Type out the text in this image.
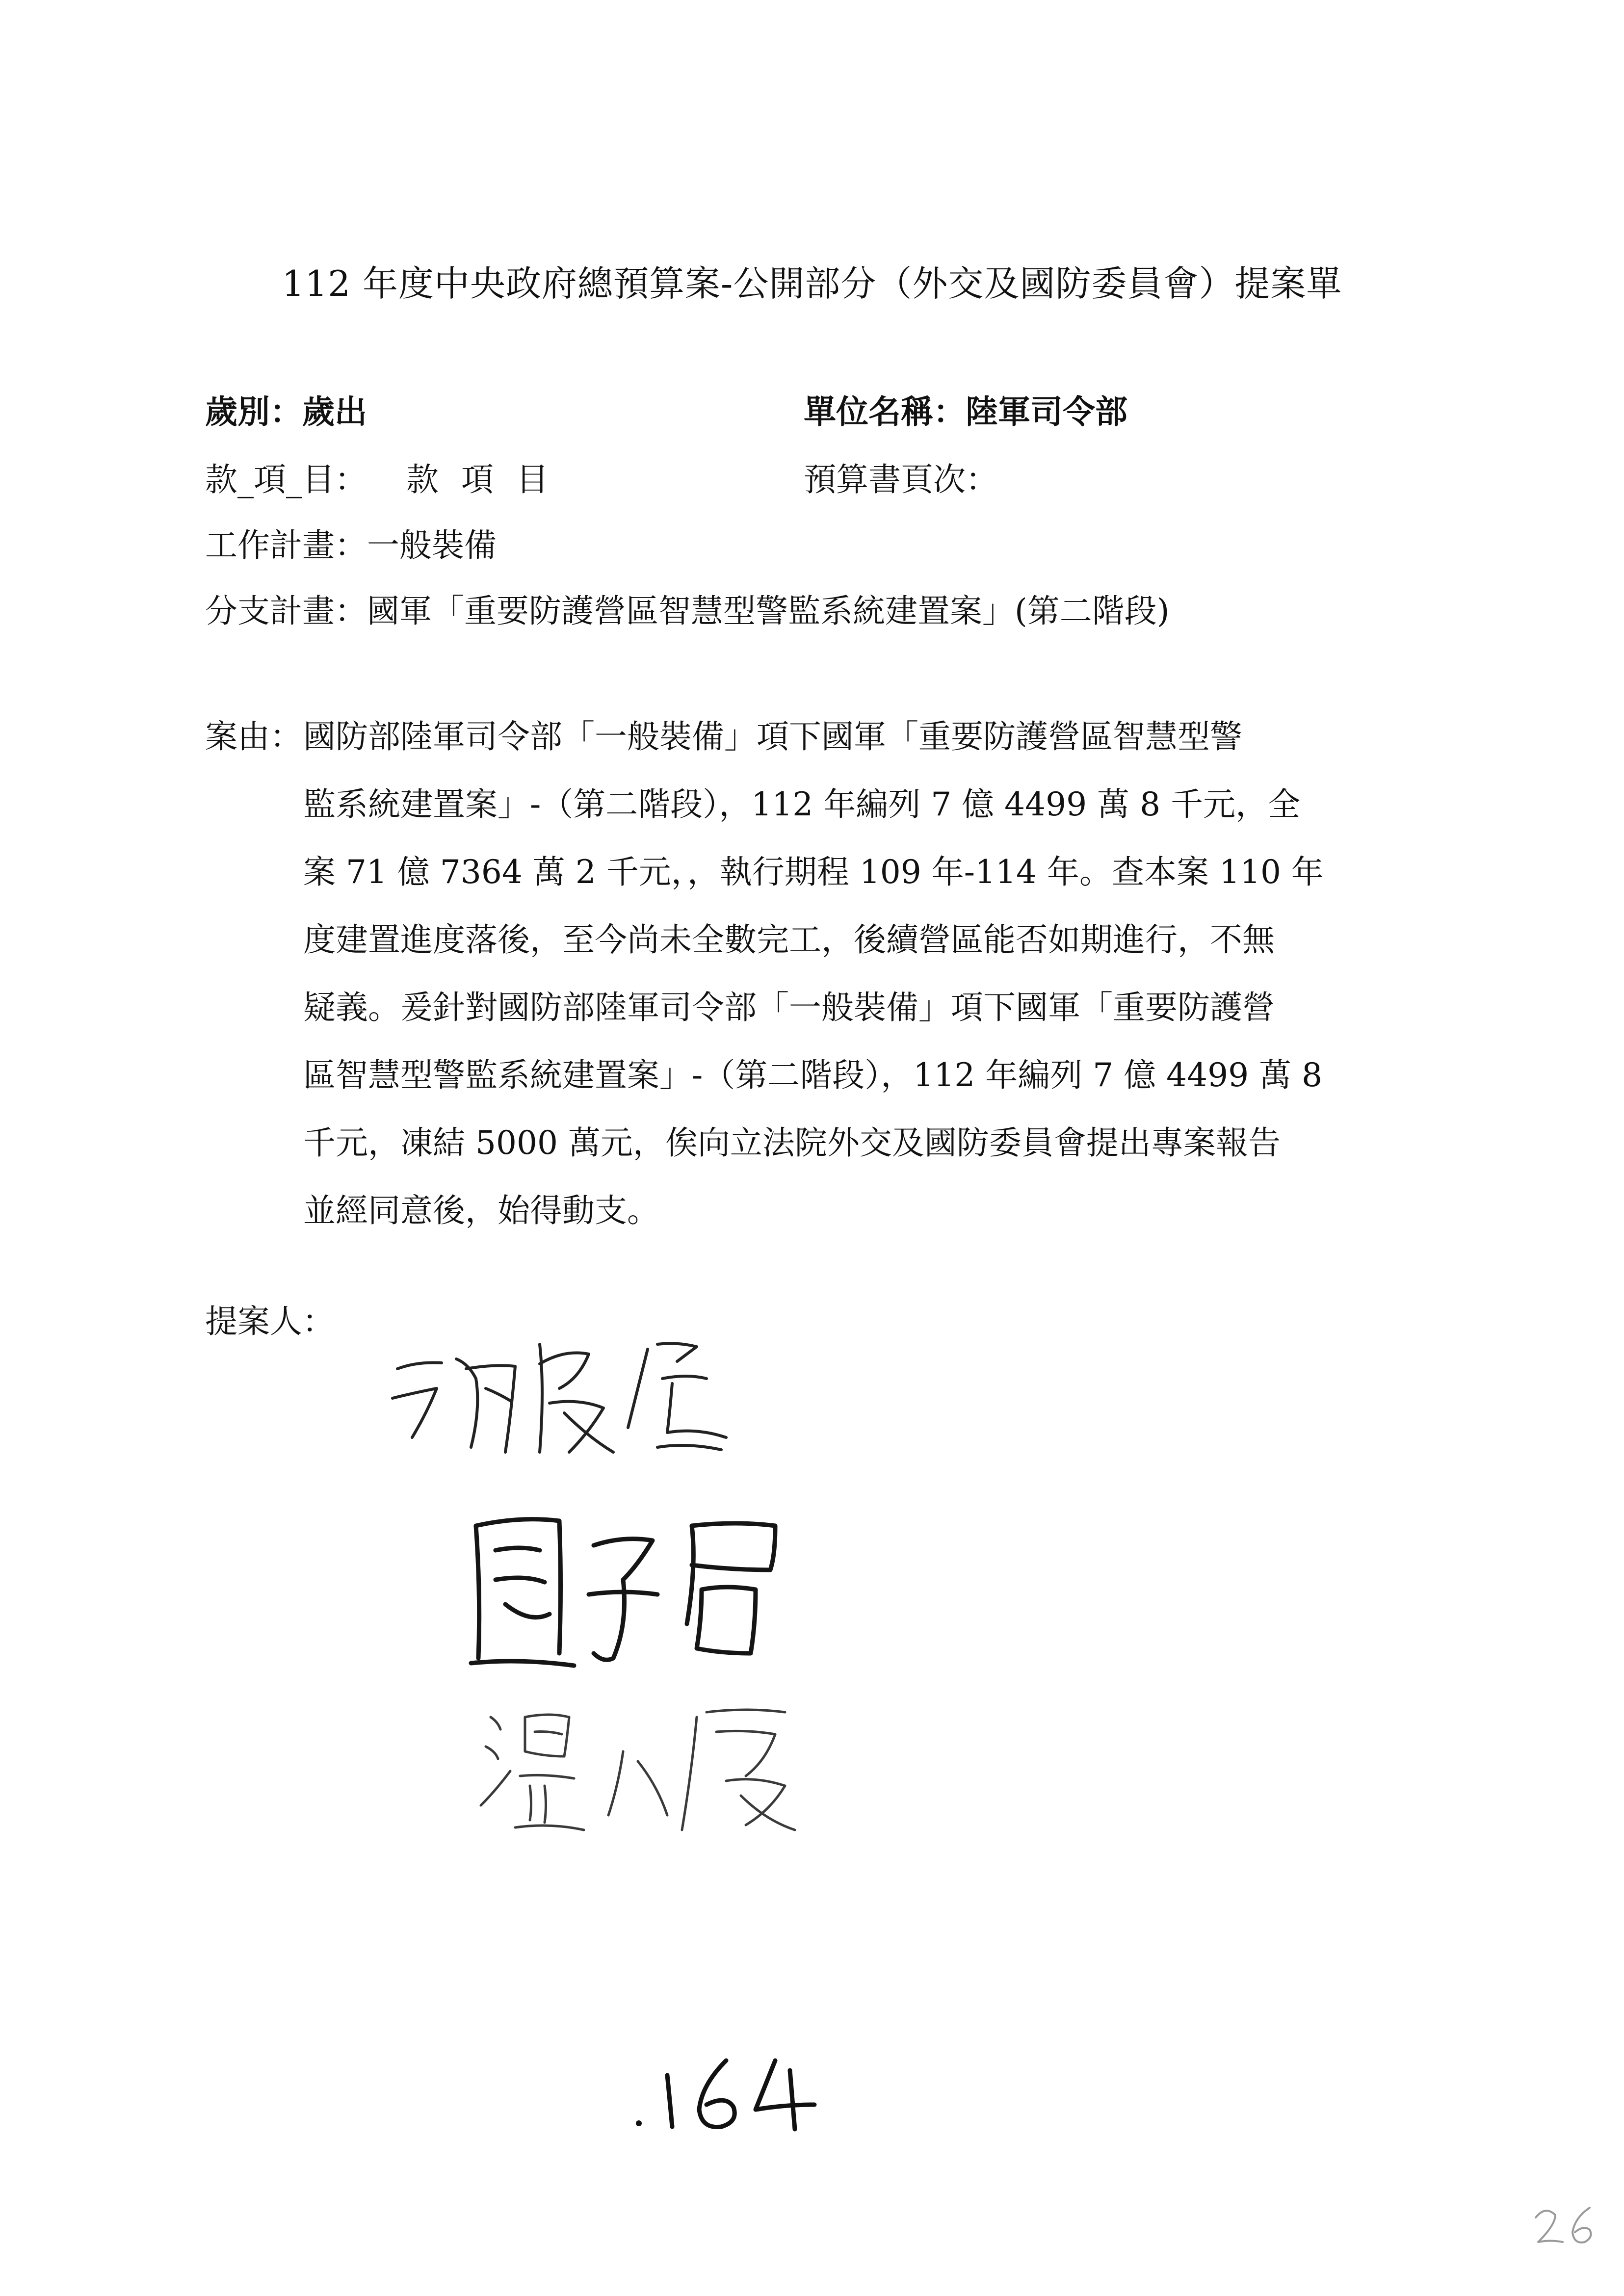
112 年度中央政府總預算案-公開部分（外交及國防委員會）提案單
歲別：歲出	單位名稱：陸軍司令部
款_項_目： 款項目	預算書頁次：
工作計畫：一般裝備
分支計畫：國軍「重要防護營區智慧型警監系統建置案」(第二階段)
案由： 國防部陸軍司令部「一般裝備」項下國軍「重要防護營區智慧型警
監系統建置案」-（第二階段），112 年編列 7 億 4499 萬 8 千元，全
案 71 億 7364 萬 2 千元，，執行期程 109 年-114 年。查本案 110 年
度建置進度落後，至今尚未全數完工，後續營區能否如期進行，不無
疑義。爰針對國防部陸軍司令部「一般裝備」項下國軍「重要防護營
區智慧型警監系統建置案」-（第二階段），112 年編列 7 億 4499 萬 8
千元，凍結 5000 萬元，俟向立法院外交及國防委員會提出專案報告
並經同意後，始得動支。
提案人：
